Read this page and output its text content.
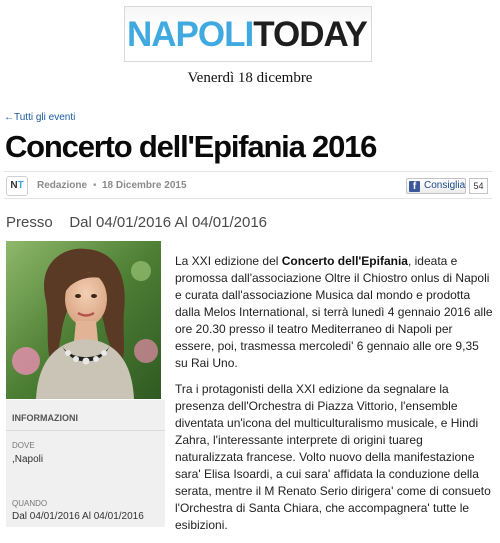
NAPOLITODAY
Venerdì 18 dicembre
←Tutti gli eventi
Concerto dell'Epifania 2016
NT	Redazione • 18 Dicembre 2015	f Consiglia 54
Presso    Dal 04/01/2016 Al 04/01/2016
INFORMAZIONI
DOVE
,Napoli
QUANDO
Dal 04/01/2016 Al 04/01/2016

La XXI edizione del Concerto dell'Epifania, ideata e promossa dall'associazione Oltre il Chiostro onlus di Napoli e curata dall'associazione Musica dal mondo e prodotta dalla Melos International, si terrà lunedì 4 gennaio 2016 alle ore 20.30 presso il teatro Mediterraneo di Napoli per essere, poi, trasmessa mercoledi' 6 gennaio alle ore 9,35 su Rai Uno.

Tra i protagonisti della XXI edizione da segnalare la presenza dell'Orchestra di Piazza Vittorio, l'ensemble diventata un'icona del multiculturalismo musicale, e Hindi Zahra, l'interessante interprete di origini tuareg naturalizzata francese. Volto nuovo della manifestazione sara' Elisa Isoardi, a cui sara' affidata la conduzione della serata, mentre il M Renato Serio dirigera' come di consueto l'Orchestra di Santa Chiara, che accompagnera' tutte le esibizioni.
